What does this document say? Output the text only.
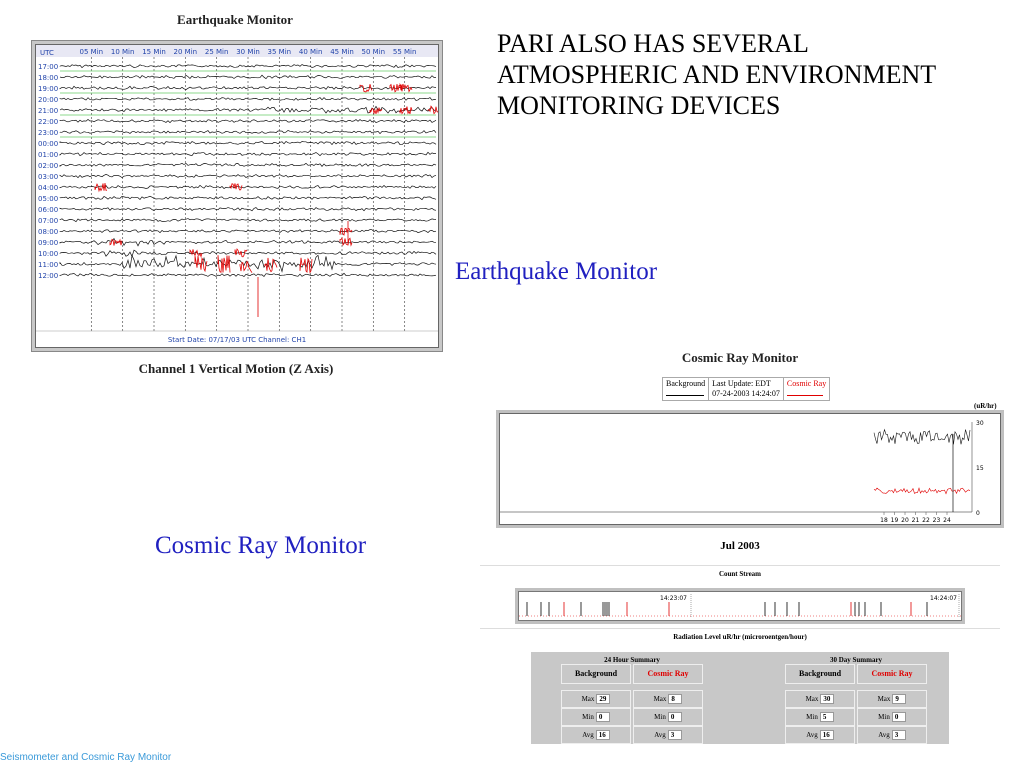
Earthquake Monitor
UTC	05 Min 10 Min 15 Min 20 Min 25 Min 30 Min 35 Min 40 Min 45 Min 50 Min 55 Min
17:00
18:00
19:00
20:00
21:00
22:00
23:00
00:00
01:00
02:00
03:00
04:00
05:00
06:00
07:00
08:00
09:00
10:00
11:00
12:00
Start Date: 07/17/03 UTC Channel: CH1
Channel 1 Vertical Motion (Z Axis)
PARI ALSO HAS SEVERAL ATMOSPHERIC AND ENVIRONMENT MONITORING DEVICES
Earthquake Monitor
Cosmic Ray Monitor
Cosmic Ray Monitor
Background Last Update: EDT
07-24-2003 14:24:07
Cosmic Ray

(uR/hr)
30
15
0
18 19 20 21 22 23 24
Jul 2003
Count Stream
14:23:07	14:24:07
Radiation Level uR/hr (microroentgen/hour)
24 Hour Summary
Background	Cosmic Ray
Max 29	Max 8
Min 0	Min 0
Avg 16	Avg 3
30 Day Summary
Background	Cosmic Ray
Max 30	Max 9
Min 5	Min 0
Avg 16	Avg 3
Seismometer and Cosmic Ray Monitor
